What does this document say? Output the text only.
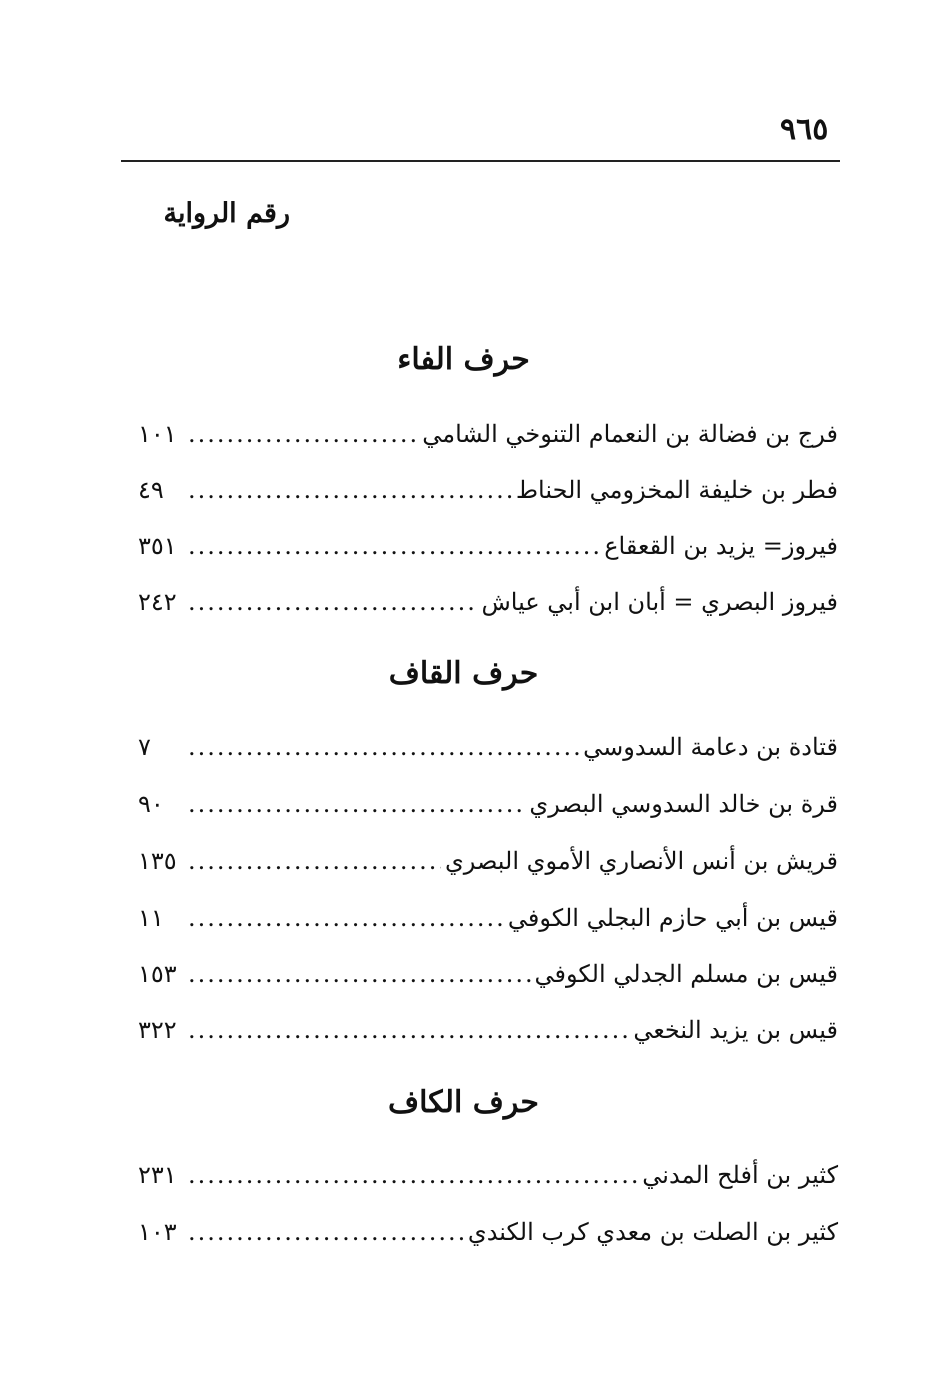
٩٦٥
رقم الرواية
حرف الفاء
فرج بن فضالة بن النعمام التنوخي الشامي
.....
١٠١
فطر بن خليفة المخزومي الحناط
.....
٤٩
فيروز= يزيد بن القعقاع
.....
٣٥١
فيروز البصري = أبان ابن أبي عياش
.....
٢٤٢
حرف القاف
قتادة بن دعامة السدوسي
.....
٧
قرة بن خالد السدوسي البصري
.....
٩٠
قريش بن أنس الأنصاري الأموي البصري
.....
١٣٥
قيس بن أبي حازم البجلي الكوفي
.....
١١
قيس بن مسلم الجدلي الكوفي
.....
١٥٣
قيس بن يزيد النخعي
.....
٣٢٢
حرف الكاف
كثير بن أفلح المدني
.....
٢٣١
كثير بن الصلت بن معدي كرب الكندي
.....
١٠٣
